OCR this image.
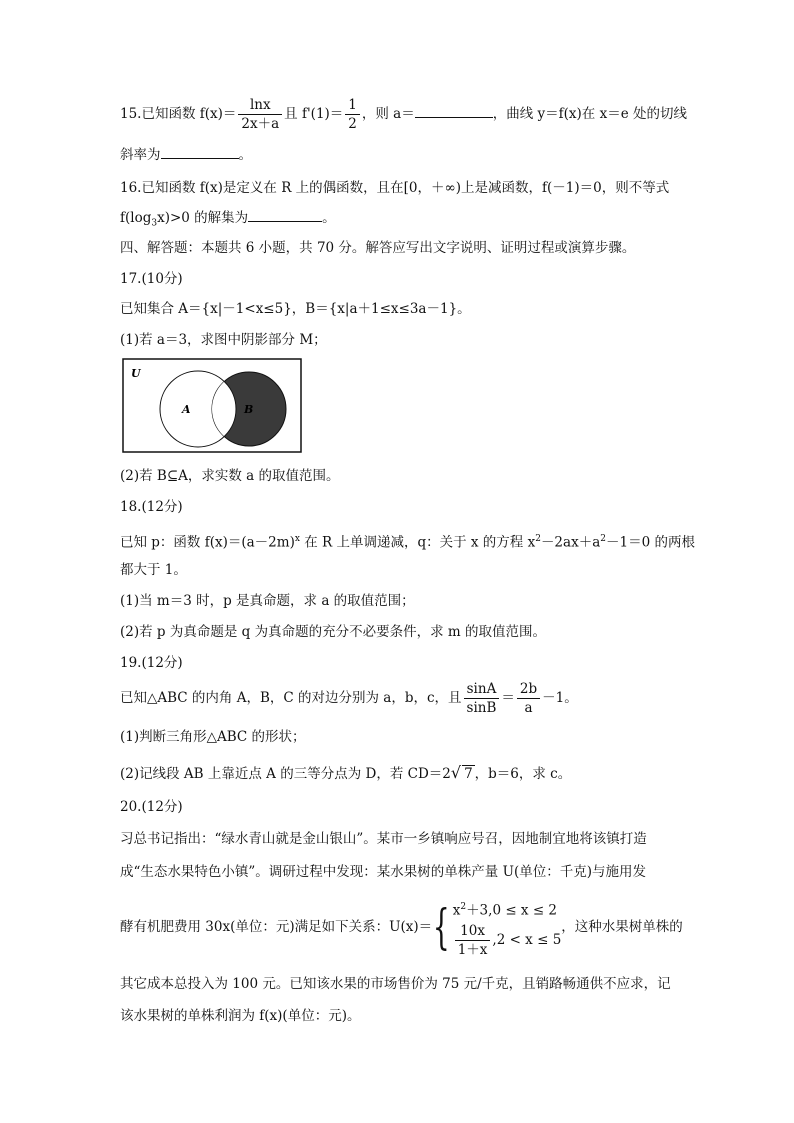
15.已知函数 $f(x)= \frac{\ln x}{2x+a}$ 且 $f'(1)= \frac{1}{2}$ ，则 a＝	，曲线 y＝f(x)在 x＝e 处的切线
斜率为	。
16.已知函数 f(x)是定义在 R 上的偶函数，且在[0，＋∞)上是减函数，f(－1)＝0，则不等式
$f(\log_3x)>0$ 的解集为	。
四、解答题：本题共 6 小题，共 70 分。解答应写出文字说明、证明过程或演算步骤。
17.(10分)
已知集合 A＝{x|－1<x≤5}，B＝{x|a＋1≤x≤3a－1}。
(1)若 a＝3，求图中阴影部分 M；
U
A	B
(2)若 B⊆A，求实数 a 的取值范围。
18.(12分)
已知 p：函数 $f(x)=(a-2m)^x$ 在 R 上单调递减，q：关于 x 的方程 $x^2-2ax+a^2-1=0$ 的两根
都大于 1。
(1)当 m＝3 时，p 是真命题，求 a 的取值范围；
(2)若 p 为真命题是 q 为真命题的充分不必要条件，求 m 的取值范围。
19.(12分)
已知△ABC 的内角 A，B，C 的对边分别为 a，b，c，且 $\frac{\sin A}{\sin B} = \frac{2b}{a} -1$。
(1)判断三角形△ABC 的形状；
(2)记线段 AB 上靠近点 A 的三等分点为 D，若 CD＝2√ 7 ，b＝6，求 c。
20.(12分)
习总书记指出：“绿水青山就是金山银山”。某市一乡镇响应号召，因地制宜地将该镇打造
成“生态水果特色小镇”。调研过程中发现：某水果树的单株产量 U(单位：千克)与施用发
酵有机肥费用 30x(单位：元)满足如下关系：U(x)＝{ $x^2+3,0 \le x \le 2$
$\frac{10x}{1+x} ,2 < x \le 5$
，这种水果树单株的
其它成本总投入为 100 元。已知该水果的市场售价为 75 元/千克，且销路畅通供不应求，记
该水果树的单株利润为 f(x)(单位：元)。
